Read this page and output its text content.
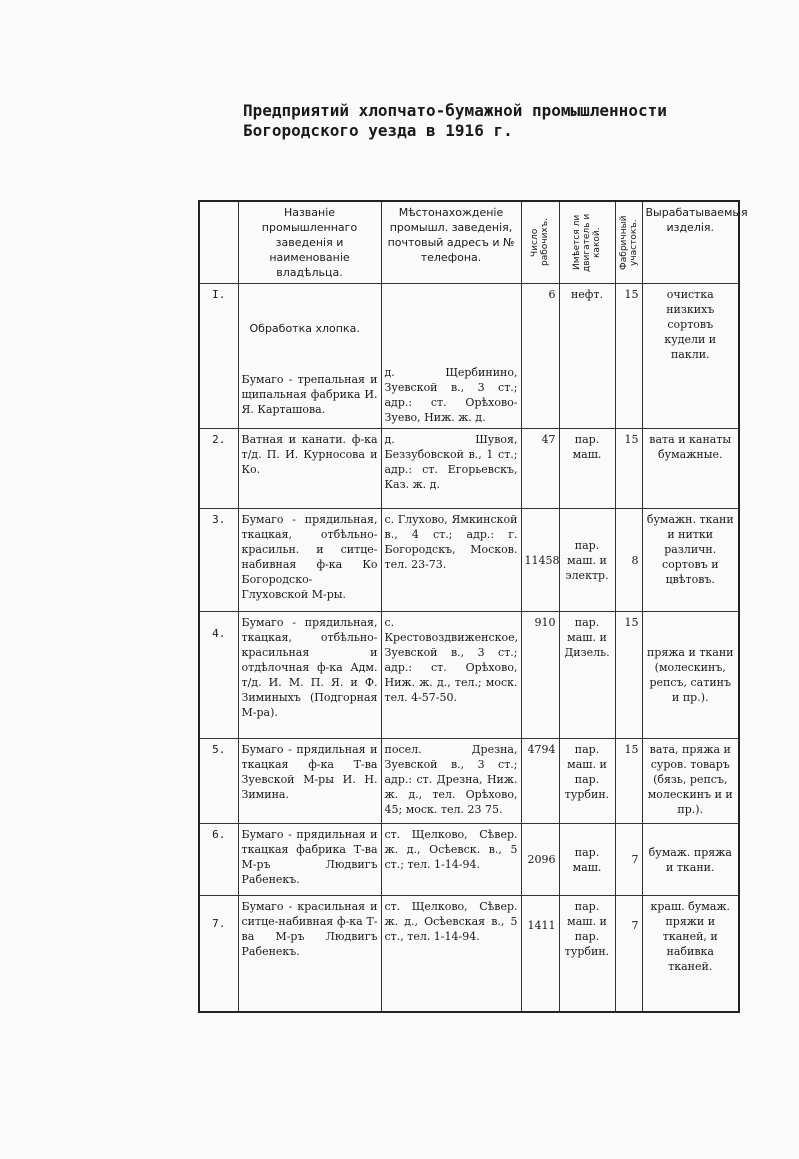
Предприятий хлопчато-бумажной промышленности
Богородского уезда в 1916 г.
	Названіе промышленнаго заведенія и наименованіе владѣльца.	Мѣстонахожденіе промышл. заведенія, почтовый адресъ и № телефона.	Число рабочихъ.	Имѣется ли двигатель и какой.	Фабричный участокъ.	Вырабатываемыя изделія.
I.	Обработка хлопка.
Бумаго - трепальная и щипальная фабрика И. Я. Карташова.	д. Щербинино, Зуевской в., 3 ст.; адр.: ст. Орѣхово-Зуево, Ниж. ж. д.	6	нефт.	15	очистка низкихъ сортовъ кудели и пакли.
2.	Ватная и канати. ф-ка т/д. П. И. Курносова и Ко.	д. Шувоя, Беззубовской в., 1 ст.; адр.: ст. Егорьевскъ, Каз. ж. д.	47	пар. маш.	15	вата и канаты бумажные.
3.	Бумаго - прядильная, ткацкая, отбѣльно-красильн. и ситце-набивная ф-ка Ко Богородско-Глуховской М-ры.	с. Глухово, Ямкинской в., 4 ст.; адр.: г. Богородскъ, Москов. тел. 23-73.	11458	пар. маш. и электр.	8	бумажн. ткани и нитки различн. сортовъ и цвѣтовъ.
4.	Бумаго - прядильная, ткацкая, отбѣльно-красильная и отдѣлочная ф-ка Адм. т/д. И. М. П. Я. и Ф. Зиминыхъ (Подгорная М-ра).	с. Крестовоздвиженское, Зуевской в., 3 ст.; адр.: ст. Орѣхово, Ниж. ж. д., тел.; моск. тел. 4-57-50.	910	пар. маш. и Дизель.	15	пряжа и ткани (молескинъ, репсъ, сатинъ и пр.).
5.	Бумаго - прядильная и ткацкая ф-ка Т-ва Зуевской М-ры И. Н. Зимина.	посел. Дрезна, Зуевской в., 3 ст.; адр.: ст. Дрезна, Ниж. ж. д., тел. Орѣхово, 45; моск. тел. 23 75.	4794	пар. маш. и пар. турбин.	15	вата, пряжа и суров. товаръ (бязь, репсъ, молескинъ и и пр.).
6.	Бумаго - прядильная и ткацкая фабрика Т-ва М-ръ Людвигъ Рабенекъ.	ст. Щелково, Сѣвер. ж. д., Осѣевск. в., 5 ст.; тел. 1-14-94.	2096	пар. маш.	7	бумаж. пряжа и ткани.
7.	Бумаго - красильная и ситце-набивная ф-ка Т-ва М-ръ Людвигъ Рабенекъ.	ст. Щелково, Сѣвер. ж. д., Осѣевская в., 5 ст., тел. 1-14-94.	1411	пар. маш. и пар. турбин.	7	краш. бумаж. пряжи и тканей, и набивка тканей.
